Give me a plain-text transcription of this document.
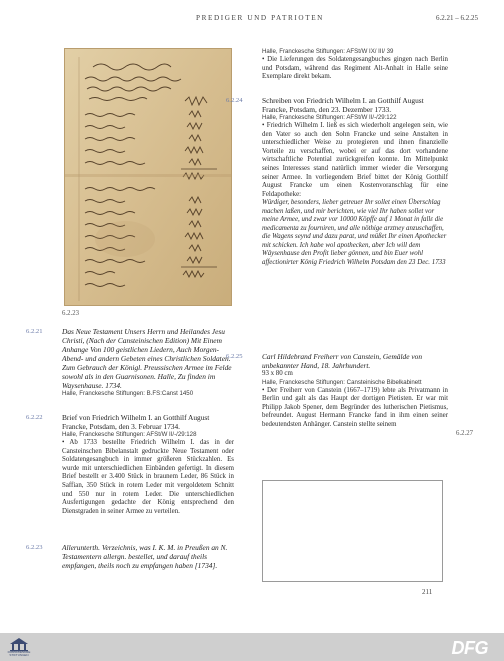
PREDIGER UND PATRIOTEN	6.2.21 – 6.2.25
6.2.23
6.2.21	Das Neue Testament Unsers Herrn und Heilandes Jesu Christi, (Nach der Cansteinischen Edition) Mit Einem Anhange Von 100 geistlichen Liedern, Auch Morgen-Abend- und andern Gebeten eines Christlichen Soldaten. Zum Gebrauch der Königl. Preussischen Armee im Felde sowohl als in den Guarnisonen. Halle, Zu finden im Waysenhause. 1734.

Halle, Franckesche Stiftungen: B.FS:Canst 1450

6.2.22	Brief von Friedrich Wilhelm I. an Gotthilf August Francke, Potsdam, den 3. Februar 1734.

Halle, Franckesche Stiftungen: AFSt/W II/-/29:128

• Ab 1733 bestellte Friedrich Wilhelm I. das in der Cansteinschen Bibelanstalt gedruckte Neue Testament oder Soldatengesangbuch in immer größeren Stückzahlen. Es wurde mit unterschiedlichen Einbänden gefertigt. In diesem Brief bestellt er 3.400 Stück in braunem Leder, 86 Stück in Saffian, 350 Stück in rotem Leder mit vergoldetem Schnitt und 550 nur in rotem Leder. Die unterschiedlichen Ausfertigungen gedachte der König entsprechend den Dienstgraden in seiner Armee zu verteilen.

6.2.23	Allerunterth. Verzeichnis, was I. K. M. in Preußen an N. Testamentern allergn. bestellet, und darauf theils empfangen, theils noch zu empfangen haben [1734].

Halle, Franckesche Stiftungen: AFSt/W IX/ III/ 39

• Die Lieferungen des Soldatengesangbuches gingen nach Berlin und Potsdam, während das Regiment Alt-Anhalt in Halle seine Exemplare direkt bekam.

6.2.24	Schreiben von Friedrich Wilhelm I. an Gotthilf August Francke, Potsdam, den 23. Dezember 1733.

Halle, Franckesche Stiftungen: AFSt/W II/-/29:122

• Friedrich Wilhelm I. ließ es sich wiederholt angelegen sein, wie den Vater so auch den Sohn Francke und seine Anstalten in unterschiedlicher Weise zu protegieren und ihnen finanzielle Vorteile zu verschaffen, wobei er auf das dort vorhandene wirtschaftliche Potential zurückgreifen konnte. Im Mittelpunkt seines Interesses stand natürlich immer wieder die Versorgung seiner Armee. In vorliegendem Brief bittet der König Gotthilf August Francke um einen Kostenvoranschlag für eine Feldapotheke:

Würdiger, besonders, lieber getreuer Ihr sollet einen Überschlag machen laßen, und mir berichten, wie viel Ihr haben sollet vor meine Armee, und zwar vor 10000 Köpffe auf 1 Monat in fallε die medicamenta zu fourniren, und alle nöthige arztney anzuschaffen, die Wagens seynd und dazu parat, und müßet Ihr einen Apothecker mit schicken. Ich habe wol apothecken, aber Ich will dem Wäysenhause den Profit lieber gönnen, und bin Euer wohl affectionirter König Friedrich Wilhelm Potsdam den 23 Dec. 1733

6.2.25	Carl Hildebrand Freiherr von Canstein, Gemälde von unbekannter Hand, 18. Jahrhundert.

93 x 80 cm

Halle, Franckesche Stiftungen: Cansteinische Bibelkabinett

• Der Freiherr von Canstein (1667–1719) lebte als Privatmann in Berlin und galt als das Haupt der dortigen Pietisten. Er war mit Philipp Jakob Spener, dem Begründer des lutherischen Pietismus, befreundet. August Hermann Francke fand in ihm einen seiner bedeutendsten Anhänger. Canstein stellte seinem

6.2.27
211
FRANCKESCHE STIFTUNGEN	DFG
